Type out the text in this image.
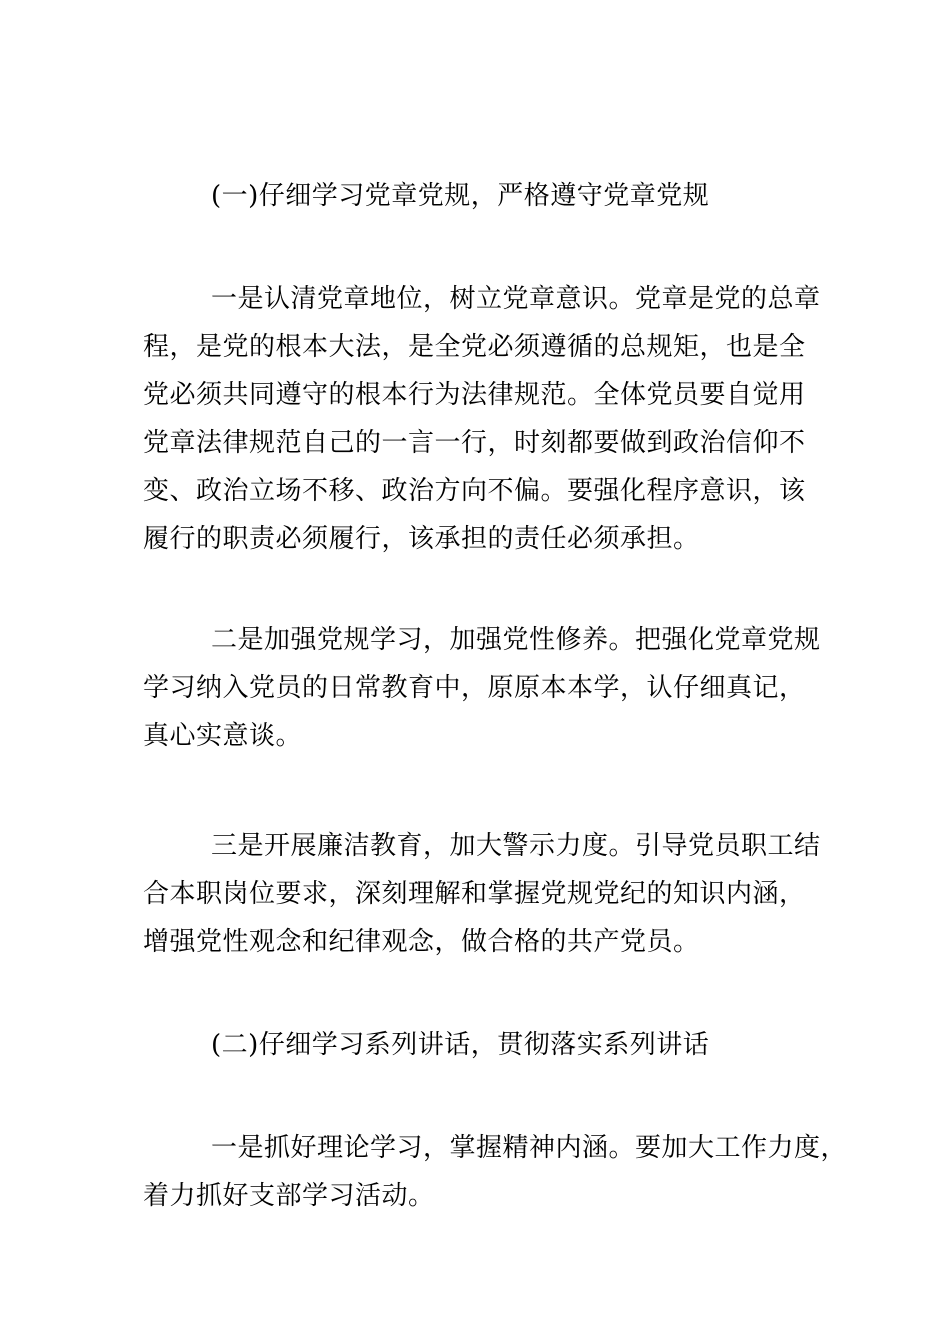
(一)仔细学习党章党规，严格遵守党章党规

一是认清党章地位，树立党章意识。党章是党的总章
程，是党的根本大法，是全党必须遵循的总规矩，也是全
党必须共同遵守的根本行为法律规范。全体党员要自觉用
党章法律规范自己的一言一行，时刻都要做到政治信仰不
变、政治立场不移、政治方向不偏。要强化程序意识，该
履行的职责必须履行，该承担的责任必须承担。

二是加强党规学习，加强党性修养。把强化党章党规
学习纳入党员的日常教育中，原原本本学，认仔细真记，
真心实意谈。

三是开展廉洁教育，加大警示力度。引导党员职工结
合本职岗位要求，深刻理解和掌握党规党纪的知识内涵，
增强党性观念和纪律观念，做合格的共产党员。

(二)仔细学习系列讲话，贯彻落实系列讲话

一是抓好理论学习，掌握精神内涵。要加大工作力度，
着力抓好支部学习活动。
